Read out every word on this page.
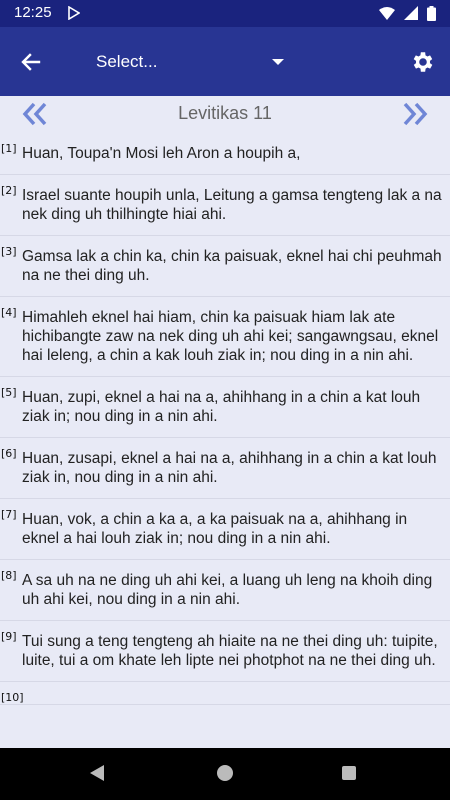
12:25

Select...
Levitikas 11
[1] Huan, Toupa'n Mosi leh Aron a houpih a,
[2] Israel suante houpih unla, Leitung a gamsa tengteng lak a na nek ding uh thilhingte hiai ahi.
[3] Gamsa lak a chin ka, chin ka paisuak, eknel hai chi peuhmah na ne thei ding uh.
[4] Himahleh eknel hai hiam, chin ka paisuak hiam lak ate hichibangte zaw na nek ding uh ahi kei; sangawngsau, eknel hai leleng, a chin a kak louh ziak in; nou ding in a nin ahi.
[5] Huan, zupi, eknel a hai na a, ahihhang in a chin a kat louh ziak in; nou ding in a nin ahi.
[6] Huan, zusapi, eknel a hai na a, ahihhang in a chin a kat louh ziak in, nou ding in a nin ahi.
[7] Huan, vok, a chin a ka a, a ka paisuak na a, ahihhang in eknel a hai louh ziak in; nou ding in a nin ahi.
[8] A sa uh na ne ding uh ahi kei, a luang uh leng na khoih ding uh ahi kei, nou ding in a nin ahi.
[9] Tui sung a teng tengteng ah hiaite na ne thei ding uh: tuipite, luite, tui a om khate leh lipte nei photphot na ne thei ding uh.
[10]
